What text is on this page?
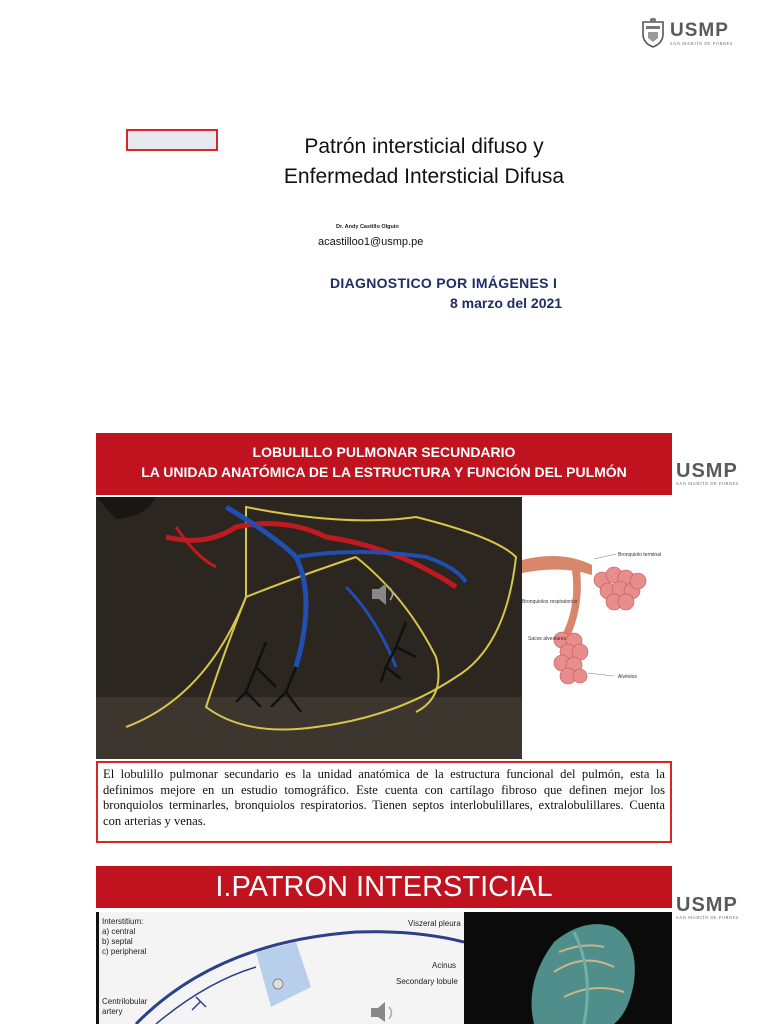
USMP
SAN MARTÍN DE PORRES
Patrón intersticial difuso y
Enfermedad Intersticial Difusa
Dr. Andy Castillo Olguin
acastilloo1@usmp.pe
DIAGNOSTICO POR IMÁGENES I
8 marzo del 2021
LOBULILLO PULMONAR SECUNDARIO
LA UNIDAD ANATÓMICA DE LA ESTRUCTURA Y FUNCIÓN DEL PULMÓN	USMP
SAN MARTÍN DE PORRES
Bronquiolo terminal
Bronquiolos respiratorios
Sacos alveolares
Alvéolos
El lobulillo pulmonar secundario es la unidad anatómica de la estructura funcional del pulmón, esta la definimos mejore en un estudio tomográfico. Este cuenta con cartílago fibroso que definen mejor los bronquiolos terminarles, bronquiolos respiratorios. Tienen septos interlobulillares, extralobulillares. Cuenta con arterias y venas.
I.PATRON INTERSTICIAL
USMP
SAN MARTÍN DE PORRES
Interstitium:
a) central
b) septal
c) peripheral
Viszeral pleura
Acinus
Secondary lobule
Centrilobular
artery
